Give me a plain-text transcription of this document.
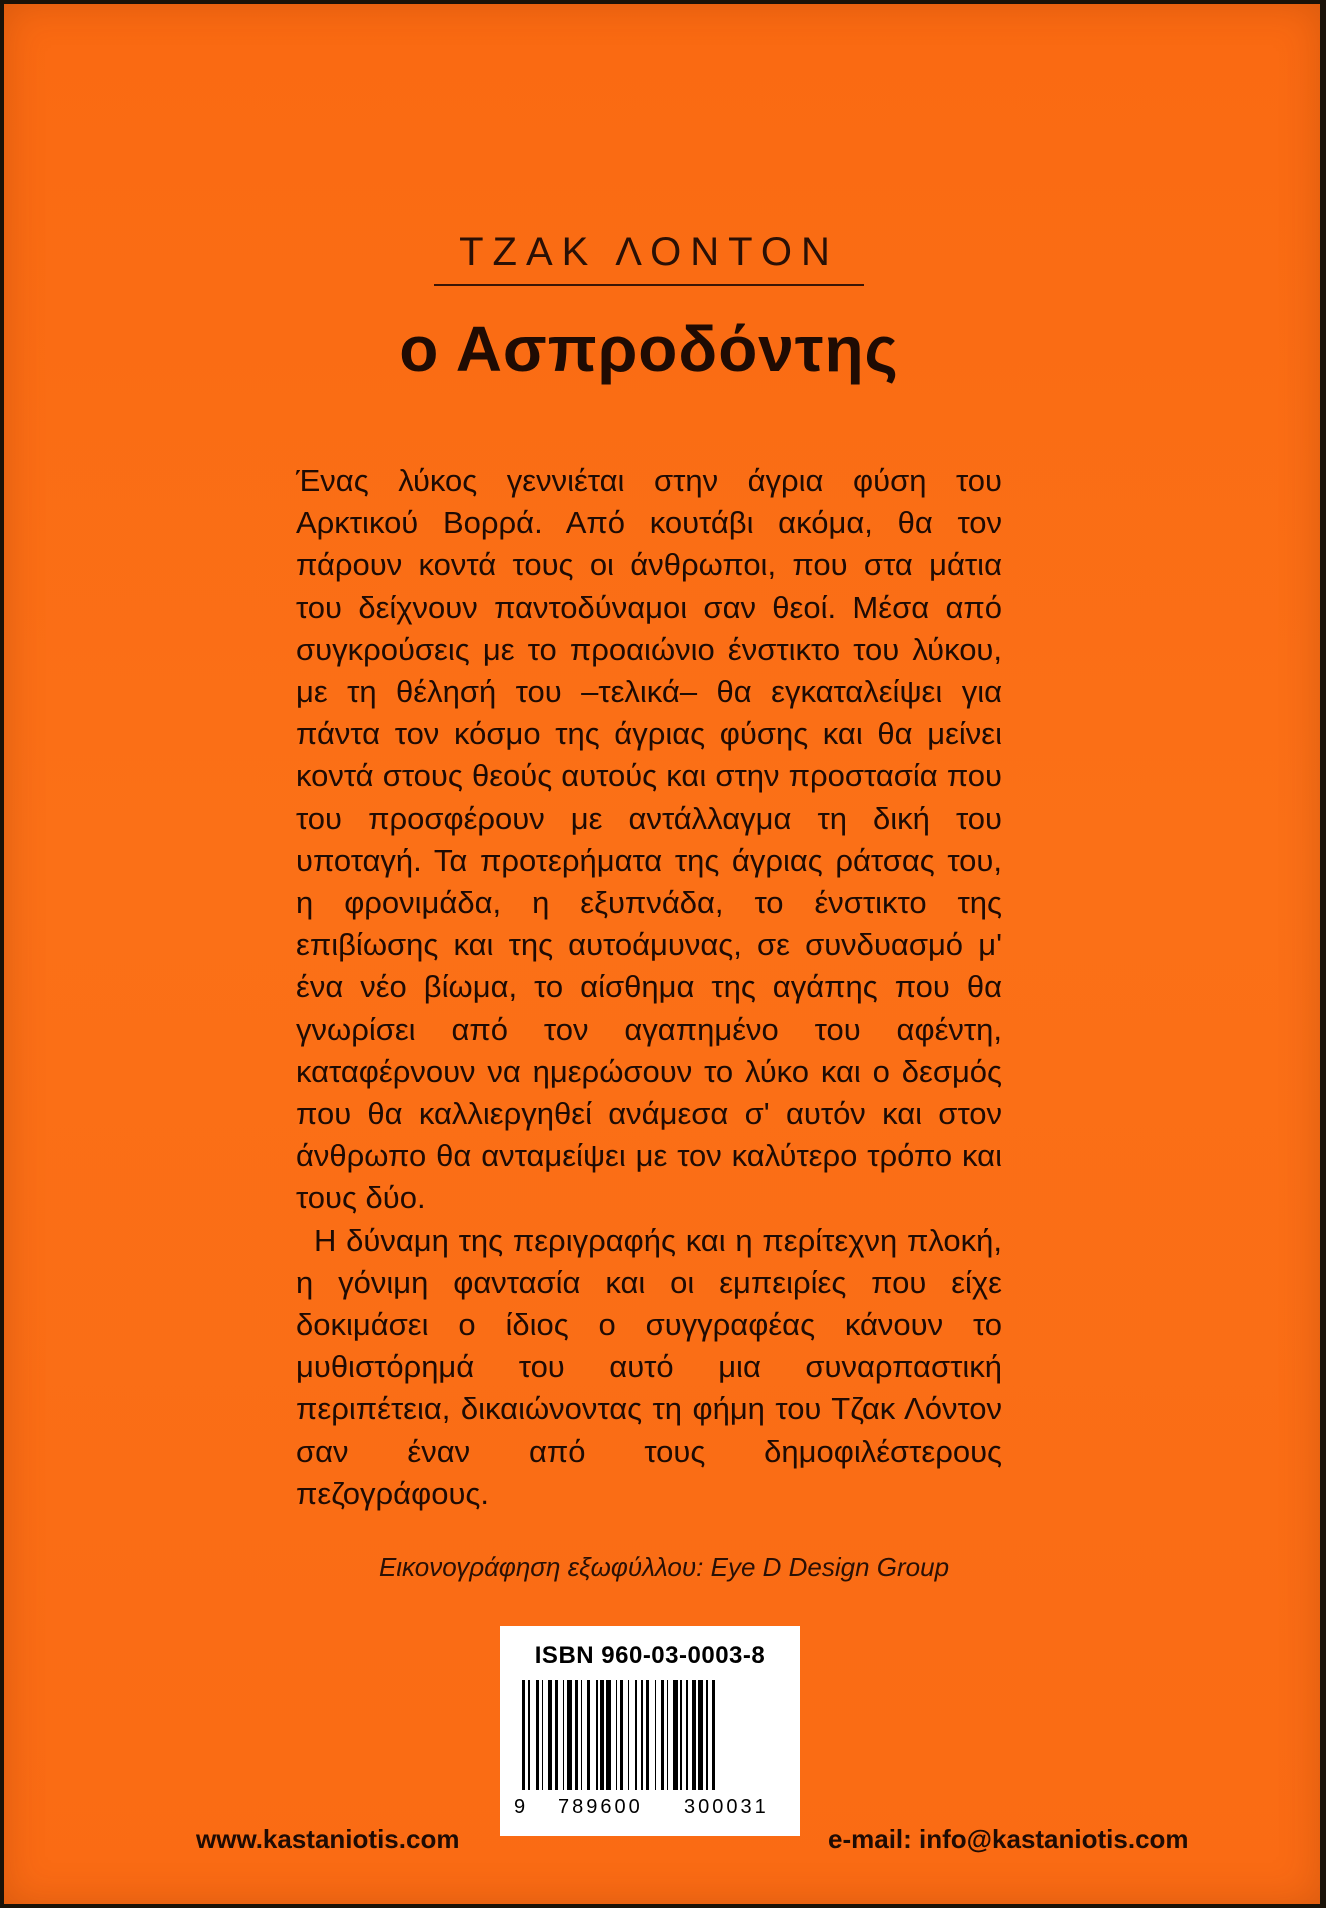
ΤΖΑΚ ΛΟΝΤΟΝ
ο Ασπροδόντης

Ένας λύκος γεννιέται στην άγρια φύση του Αρκτικού Βορρά. Από κουτάβι ακόμα, θα τον πάρουν κοντά τους οι άνθρωποι, που στα μάτια του δείχνουν παντοδύναμοι σαν θεοί. Μέσα από συγκρούσεις με το προαιώνιο ένστικτο του λύκου, με τη θέλησή του –τελικά– θα εγκαταλείψει για πάντα τον κόσμο της άγριας φύσης και θα μείνει κοντά στους θεούς αυτούς και στην προστασία που του προσφέρουν με αντάλλαγμα τη δική του υποταγή. Τα προτερήματα της άγριας ράτσας του, η φρονιμάδα, η εξυπνάδα, το ένστικτο της επιβίωσης και της αυτοάμυνας, σε συνδυασμό μ' ένα νέο βίωμα, το αίσθημα της αγάπης που θα γνωρίσει από τον αγαπημένο του αφέντη, καταφέρνουν να ημερώσουν το λύκο και ο δεσμός που θα καλλιεργηθεί ανάμεσα σ' αυτόν και στον άνθρωπο θα ανταμείψει με τον καλύτερο τρόπο και τους δύο.

Η δύναμη της περιγραφής και η περίτεχνη πλοκή, η γόνιμη φαντασία και οι εμπειρίες που είχε δοκιμάσει ο ίδιος ο συγγραφέας κάνουν το μυθιστόρημά του αυτό μια συναρπαστική περιπέτεια, δικαιώνοντας τη φήμη του Τζακ Λόντον σαν έναν από τους δημοφιλέστερους πεζογράφους.

Εικονογράφηση εξωφύλλου: Eye D Design Group
ISBN 960-03-0003-8
9 789600 300031
www.kastaniotis.com	e-mail: info@kastaniotis.com
